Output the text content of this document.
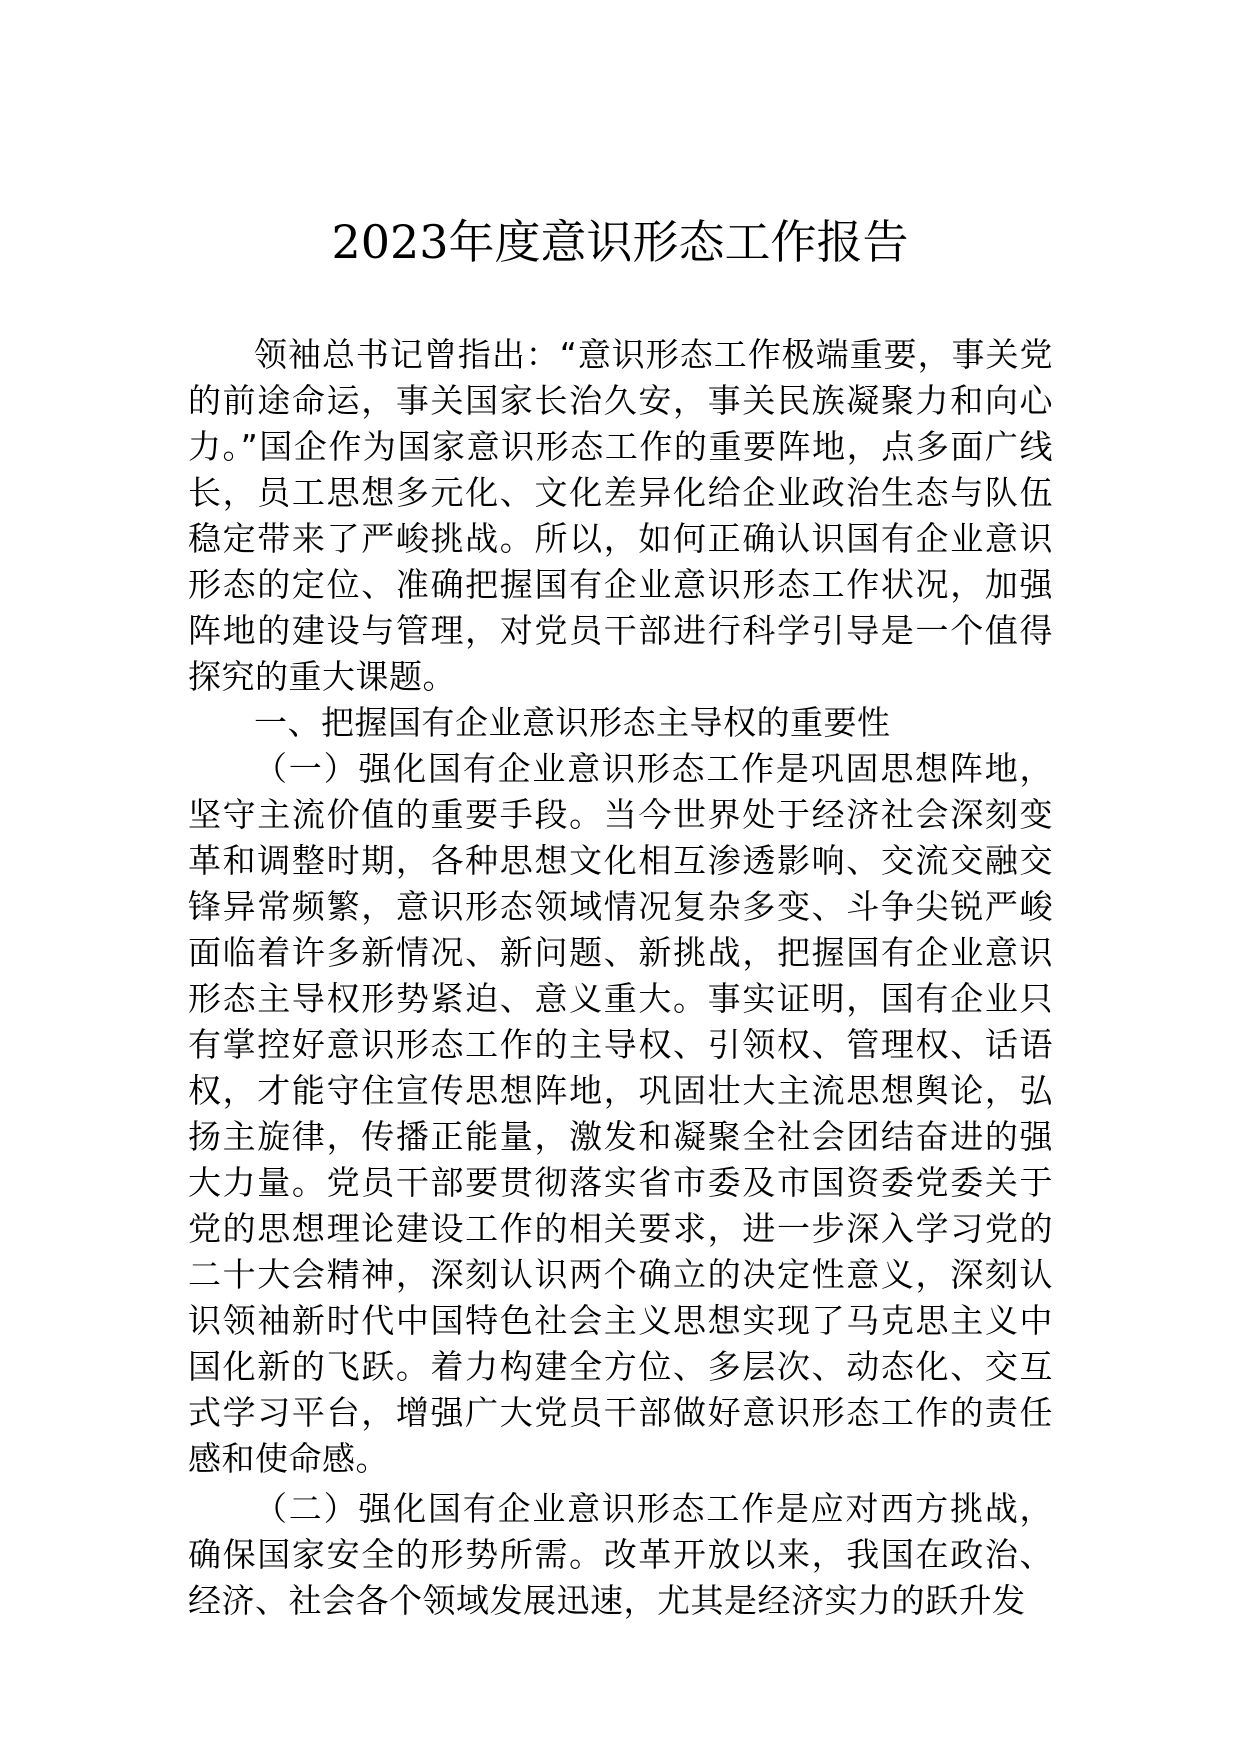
2023年度意识形态工作报告

领袖总书记曾指出：“意识形态工作极端重要，事关党的前途命运，事关国家长治久安，事关民族凝聚力和向心力。”国企作为国家意识形态工作的重要阵地，点多面广线长，员工思想多元化、文化差异化给企业政治生态与队伍稳定带来了严峻挑战。所以，如何正确认识国有企业意识形态的定位、准确把握国有企业意识形态工作状况，加强阵地的建设与管理，对党员干部进行科学引导是一个值得探究的重大课题。

一、把握国有企业意识形态主导权的重要性

（一）强化国有企业意识形态工作是巩固思想阵地，坚守主流价值的重要手段。当今世界处于经济社会深刻变革和调整时期，各种思想文化相互渗透影响、交流交融交锋异常频繁，意识形态领域情况复杂多变、斗争尖锐严峻面临着许多新情况、新问题、新挑战，把握国有企业意识形态主导权形势紧迫、意义重大。事实证明，国有企业只有掌控好意识形态工作的主导权、引领权、管理权、话语权，才能守住宣传思想阵地，巩固壮大主流思想舆论，弘扬主旋律，传播正能量，激发和凝聚全社会团结奋进的强大力量。党员干部要贯彻落实省市委及市国资委党委关于党的思想理论建设工作的相关要求，进一步深入学习党的二十大会精神，深刻认识两个确立的决定性意义，深刻认识领袖新时代中国特色社会主义思想实现了马克思主义中国化新的飞跃。着力构建全方位、多层次、动态化、交互式学习平台，增强广大党员干部做好意识形态工作的责任感和使命感。

（二）强化国有企业意识形态工作是应对西方挑战，确保国家安全的形势所需。改革开放以来，我国在政治、经济、社会各个领域发展迅速，尤其是经济实力的跃升发
